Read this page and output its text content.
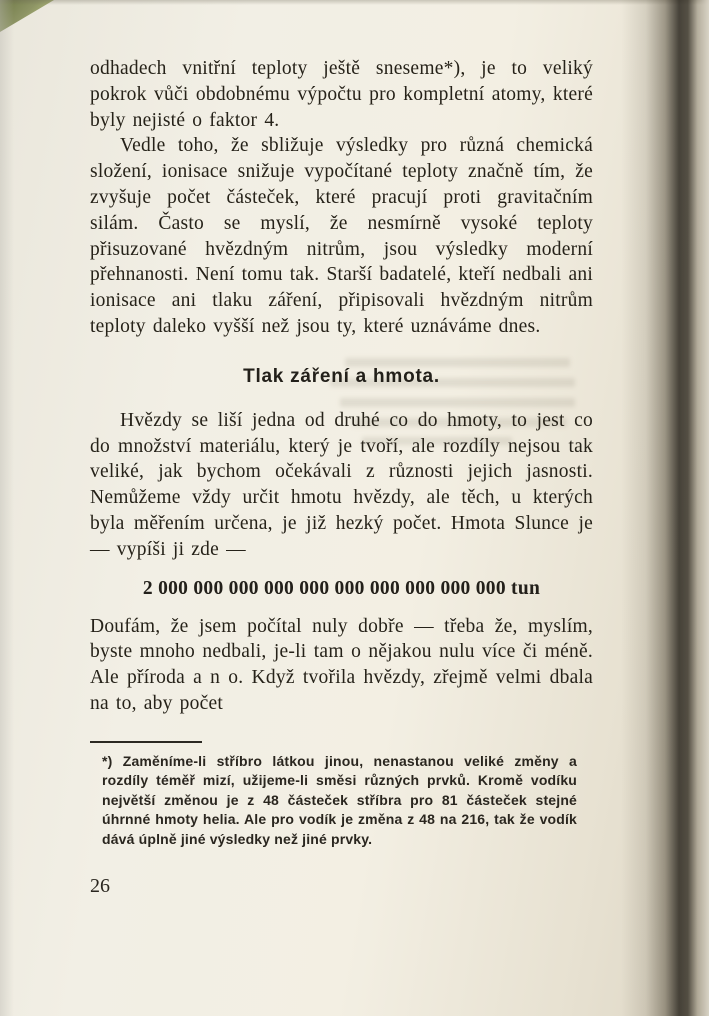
odhadech vnitřní teploty ještě sneseme*), je to veliký pokrok vůči obdobnému výpočtu pro kompletní atomy, které byly nejisté o faktor 4.

Vedle toho, že sbližuje výsledky pro různá chemická složení, ionisace snižuje vypočítané teploty značně tím, že zvyšuje počet částeček, které pracují proti gravitačním silám. Často se myslí, že nesmírně vysoké teploty přisuzované hvězdným nitrům, jsou výsledky moderní přehnanosti. Není tomu tak. Starší badatelé, kteří nedbali ani ionisace ani tlaku záření, připisovali hvězdným nitrům teploty daleko vyšší než jsou ty, které uznáváme dnes.

Tlak záření a hmota.

Hvězdy se liší jedna od druhé co do hmoty, to jest co do množství materiálu, který je tvoří, ale rozdíly nejsou tak veliké, jak bychom očekávali z různosti jejich jasnosti. Nemůžeme vždy určit hmotu hvězdy, ale těch, u kterých byla měřením určena, je již hezký počet. Hmota Slunce je — vypíši ji zde —

2 000 000 000 000 000 000 000 000 000 000 tun

Doufám, že jsem počítal nuly dobře — třeba že, myslím, byste mnoho nedbali, je-li tam o nějakou nulu více či méně. Ale příroda a n o. Když tvořila hvězdy, zřejmě velmi dbala na to, aby počet

*) Zaměníme-li stříbro látkou jinou, nenastanou veliké změny a rozdíly téměř mizí, užijeme-li směsi různých prvků. Kromě vodíku největší změnou je z 48 částeček stříbra pro 81 částeček stejné úhrnné hmoty helia. Ale pro vodík je změna z 48 na 216, tak že vodík dává úplně jiné výsledky než jiné prvky.

26
